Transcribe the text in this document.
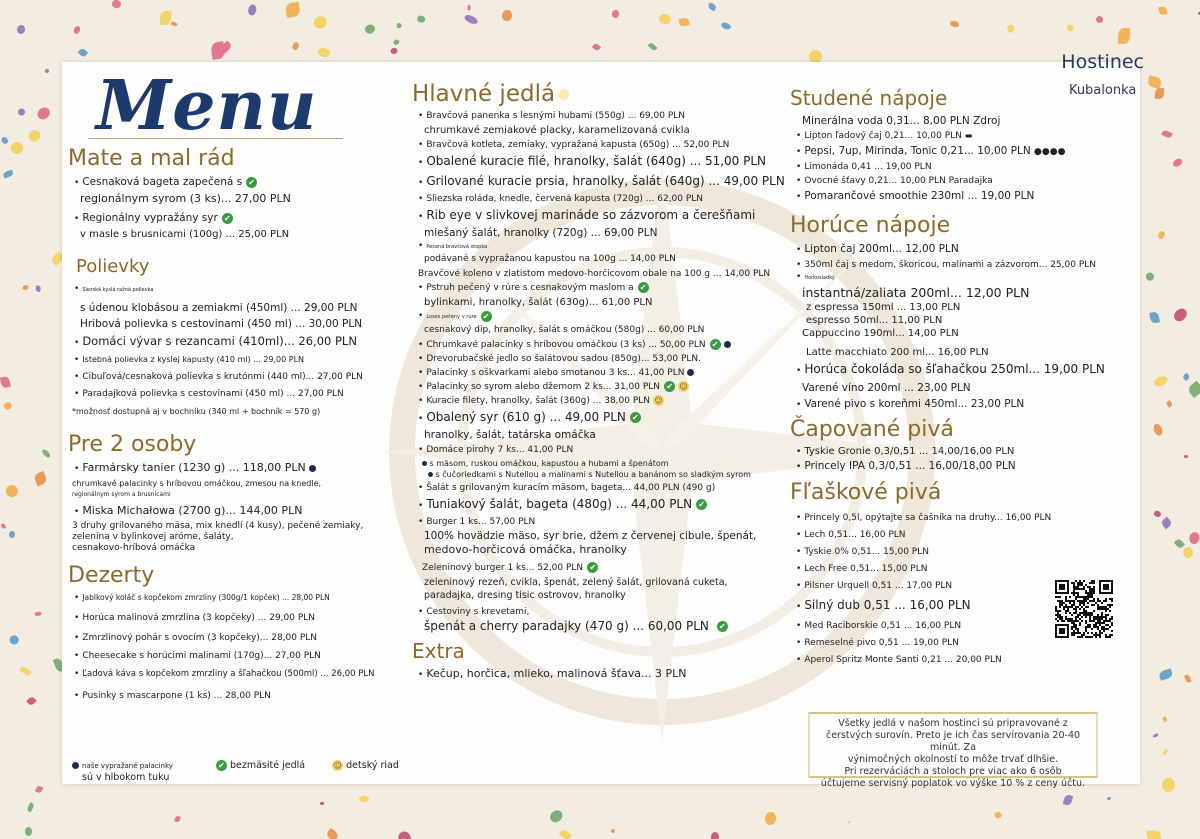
Hostinec
Kubalonka
Menu
Mate a mal rád
• Cesnaková bageta zapečená s ✔
regionálnym syrom (3 ks)... 27,00 PLN
• Regionálny vypražány syr ✔
v masle s brusnicami (100g) ... 25,00 PLN
Polievky
• Slezská kyslá ražná polievka
s údenou klobásou a zemiakmi (450ml) ... 29,00 PLN
Hribová polievka s cestovinami (450 ml) ... 30,00 PLN
• Domáci vývar s rezancami (410ml)... 26,00 PLN
• Istebná polievka z kyslej kapusty (410 ml) ... 29,00 PLN
• Cibuľová/cesnaková polievka s krutónmi (440 ml)... 27,00 PLN
• Paradajková polievka s cestovinami (450 ml) ... 27,00 PLN
*možnosť dostupná aj v bochníku (340 ml + bochník = 570 g)
Pre 2 osoby
• Farmársky tanier (1230 g) ... 118,00 PLN
chrumkavé palacinky s hríbovou omáčkou, zmesou na knedle,
regionálnym syrom a brusnicami
• Miska Michałowa (2700 g)... 144,00 PLN
3 druhy grilovaného mäsa, mix knedlí (4 kusy), pečené zemiaky,
zelenina v bylinkovej aróme, šaláty,
cesnakovo-hríbová omáčka
Dezerty
• Jablkový koláč s kopčekom zmrzliny (300g/1 kopček) ... 28,00 PLN
• Horúca malinová zmrzlina (3 kopčeky) ... 29,00 PLN
• Zmrzlinový pohár s ovocím (3 kopčeky)... 28,00 PLN
• Cheesecake s horúcimi malinami (170g)... 27,00 PLN
• Ľadová káva s kopčekom zmrzliny a šľahačkou (500ml) ... 26,00 PLN
• Pusinky s mascarpone (1 ks) ... 28,00 PLN
naše vypražané palacinky	✔ bezmäsité jedlá	☺ detský riad
sú v hlbokom tuku
Hlavné jedlá
• Bravčová panenka s lesnými hubami (550g) ... 69,00 PLN
chrumkavé zemiakové placky, karamelizovaná cvikla
• Bravčová kotleta, zemiaky, vypražaná kapusta (650g) ... 52,00 PLN
• Obalené kuracie filé, hranolky, šalát (640g) ... 51,00 PLN
• Grilované kuracie prsia, hranolky, šalát (640g) ... 49,00 PLN
• Sliezska roláda, knedle, červená kapusta (720g) ... 62,00 PLN
• Rib eye v slivkovej marináde so zázvorom a čerešňami
miešaný šalát, hranolky (720g) ... 69,00 PLN
• Pečená bravčová stopka
podávané s vypražanou kapustou na 100g ... 14,00 PLN
Bravčové koleno v zlatistom medovo-horčicovom obale na 100 g ... 14,00 PLN
• Pstruh pečený v rúre s cesnakovým maslom a ✔
bylinkami, hranolky, šalát (630g)... 61,00 PLN
• Losos pečený v rúre ✔
cesnakový dip, hranolky, šalát s omáčkou (580g) ... 60,00 PLN
• Chrumkavé palacinky s hríbovou omáčkou (3 ks) ... 50,00 PLN ✔
• Drevorubačské jedlo so šalátovou sadou (850g)... 53,00 PLN.
• Palacinky s oškvarkami alebo smotanou 3 ks... 41,00 PLN
• Palacinky so syrom alebo džemom 2 ks... 31,00 PLN ✔ ☺
• Kuracie filety, hranolky, šalát (360g) ... 38,00 PLN ☺
• Obalený syr (610 g) ... 49,00 PLN ✔
hranolky, šalát, tatárska omáčka
• Domáce pirohy 7 ks... 41,00 PLN
s mäsom, ruskou omáčkou, kapustou a hubami a špenátom
s čučoriedkami s Nutellou a malinami s Nutellou a banánom so sladkým syrom
• Šalát s grilovaným kuracím mäsom, bageta... 44,00 PLN (490 g)
• Tuniakový šalát, bageta (480g) ... 44,00 PLN ✔
• Burger 1 ks... 57,00 PLN
100% hovädzie mäso, syr brie, džem z červenej cibule, špenát,
medovo-horčicová omáčka, hranolky
Zeleninový burger 1 ks... 52,00 PLN ✔
zeleninový rezeň, cvikla, špenát, zelený šalát, grilovaná cuketa,
paradajka, dresing tisic ostrovov, hranolky
• Cestoviny s krevetami,
špenát a cherry paradajky (470 g) ... 60,00 PLN ✔
Extra
• Kečup, horčica, mlieko, malinová šťava... 3 PLN
Studené nápoje
Minerálna voda 0,31... 8,00 PLN Zdroj
• Lipton ľadový čaj 0,21... 10,00 PLN ▬
• Pepsi, 7up, Mirinda, Tonic 0,21... 10,00 PLN ●●●●
• Limonáda 0,41 ... 19,00 PLN
• Ovocné šťavy 0,21... 10,00 PLN Paradajka
• Pomarančové smoothie 230ml ... 19,00 PLN
Horúce nápoje
• Lipton čaj 200ml... 12,00 PLN
• 350ml čaj s medom, škoricou, malinami a zázvorom... 25,00 PLN
• Horkosladký
instantná/zaliata 200ml... 12,00 PLN
z espressa 150ml ... 13,00 PLN
espresso 50ml... 11,00 PLN
Cappuccino 190ml... 14,00 PLN
Latte macchiato 200 ml... 16,00 PLN
• Horúca čokoláda so šľahačkou 250ml... 19,00 PLN
Varené víno 200ml ... 23,00 PLN
• Varené pivo s koreňmi 450ml... 23,00 PLN
Čapované pivá
• Tyskie Gronie 0,3/0,51 ... 14,00/16,00 PLN
• Princely IPA 0,3/0,51 ... 16,00/18,00 PLN
Fľaškové pivá
• Princely 0,5l, opýtajte sa čašníka na druhy... 16,00 PLN
• Lech 0,51... 16,00 PLN
• Tyskie 0% 0,51... 15,00 PLN
• Lech Free 0,51... 15,00 PLN
• Pilsner Urquell 0,51 ... 17,00 PLN
• Silný dub 0,51 ... 16,00 PLN
• Med Raciborskie 0,51 ... 16,00 PLN
• Remeselné pivo 0,51 ... 19,00 PLN
• Aperol Spritz Monte Santi 0,21 ... 20,00 PLN
Všetky jedlá v našom hostinci sú pripravované z
čerstvých surovín. Preto je ich čas servírovania 20-40 minút. Za
výnimočných okolností to môže trvať dlhšie.
Pri rezerváciách a stoloch pre viac ako 6 osôb
účtujeme servisný poplatok vo výške 10 % z ceny účtu.
